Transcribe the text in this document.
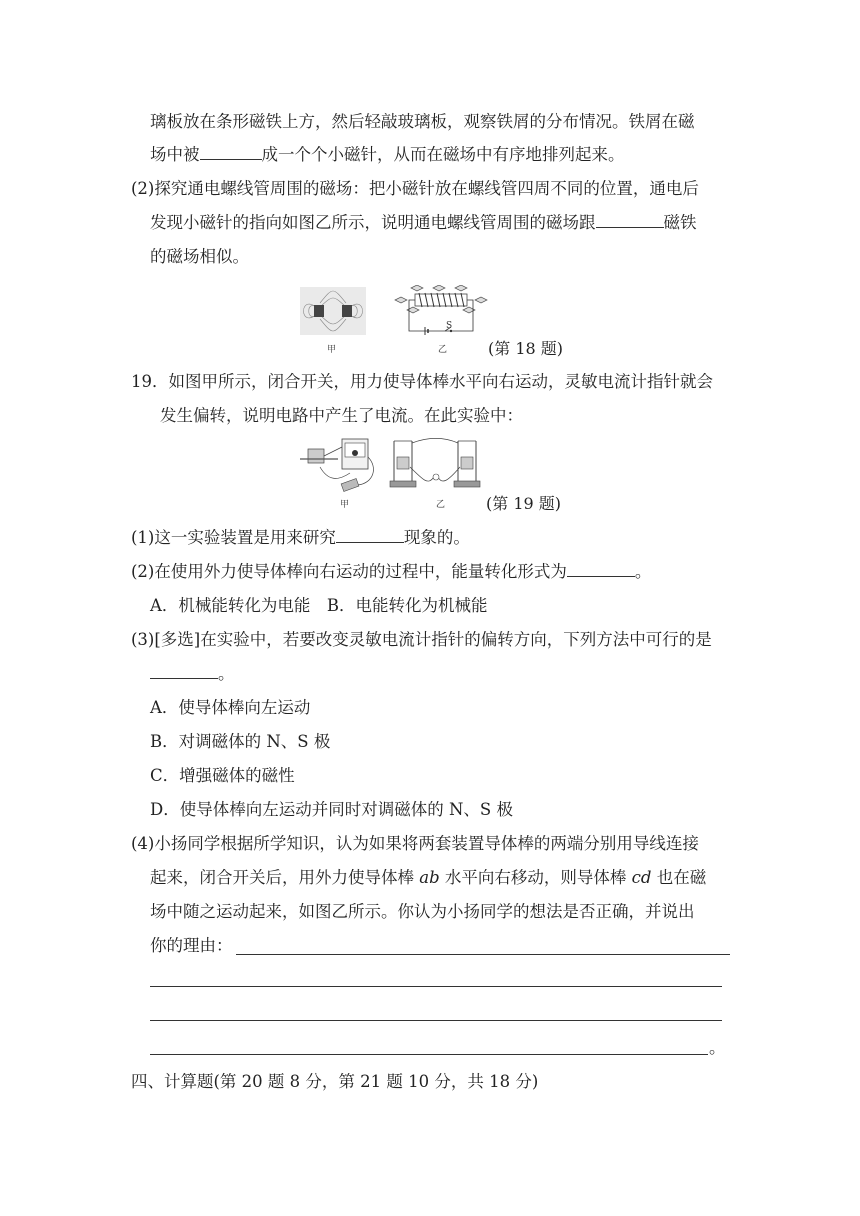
璃板放在条形磁铁上方，然后轻敲玻璃板，观察铁屑的分布情况。铁屑在磁
场中被	成一个个小磁针，从而在磁场中有序地排列起来。
(2)探究通电螺线管周围的磁场：把小磁针放在螺线管四周不同的位置，通电后
发现小磁针的指向如图乙所示，说明通电螺线管周围的磁场跟	磁铁
的磁场相似。
甲
S
乙	(第 18 题)
19．如图甲所示，闭合开关，用力使导体棒水平向右运动，灵敏电流计指针就会
发生偏转，说明电路中产生了电流。在此实验中：
甲	乙	(第 19 题)
(1)这一实验装置是用来研究	现象的。
(2)在使用外力使导体棒向右运动的过程中，能量转化形式为	。
A．机械能转化为电能　B．电能转化为机械能
(3)[多选]在实验中，若要改变灵敏电流计指针的偏转方向，下列方法中可行的是
。
A．使导体棒向左运动
B．对调磁体的 N、S 极
C．增强磁体的磁性
D．使导体棒向左运动并同时对调磁体的 N、S 极
(4)小扬同学根据所学知识，认为如果将两套装置导体棒的两端分别用导线连接
起来，闭合开关后，用外力使导体棒 ab 水平向右移动，则导体棒 cd 也在磁
场中随之运动起来，如图乙所示。你认为小扬同学的想法是否正确，并说出
你的理由：
。
四、计算题(第 20 题 8 分，第 21 题 10 分，共 18 分)
